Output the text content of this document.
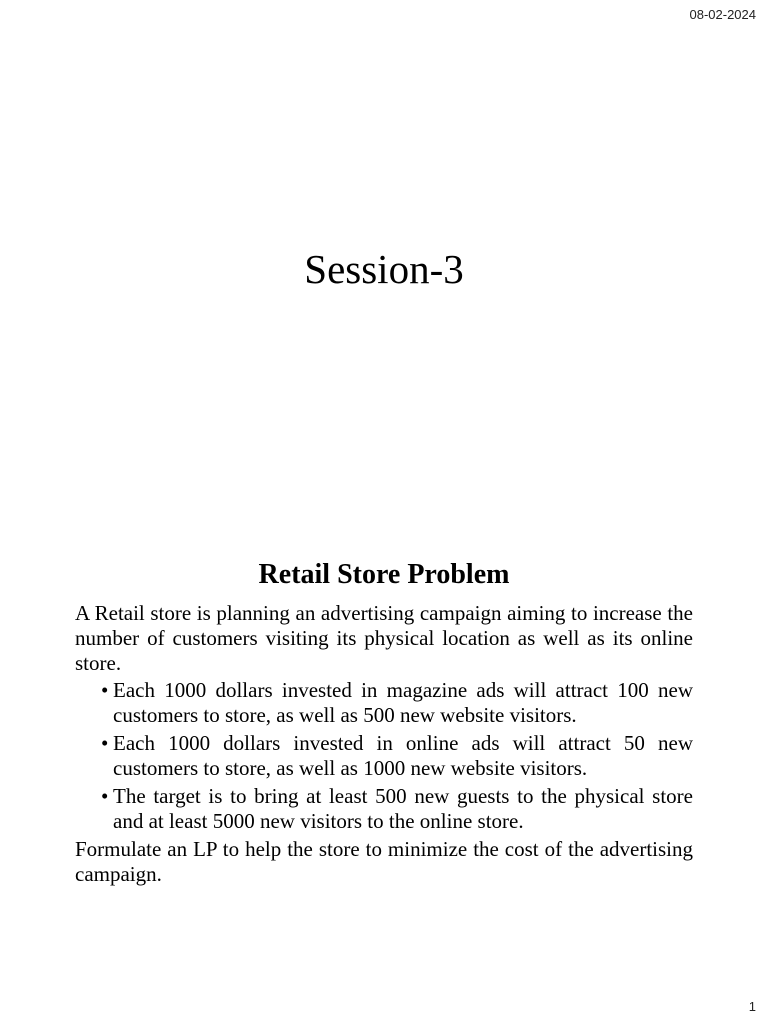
08-02-2024
Session-3
Retail Store Problem

A Retail store is planning an advertising campaign aiming to increase the number of customers visiting its physical location as well as its online store.

• Each 1000 dollars invested in magazine ads will attract 100 new customers to store, as well as 500 new website visitors.
• Each 1000 dollars invested in online ads will attract 50 new customers to store, as well as 1000 new website visitors.
• The target is to bring at least 500 new guests to the physical store and at least 5000 new visitors to the online store.

Formulate an LP to help the store to minimize the cost of the advertising campaign.

1
